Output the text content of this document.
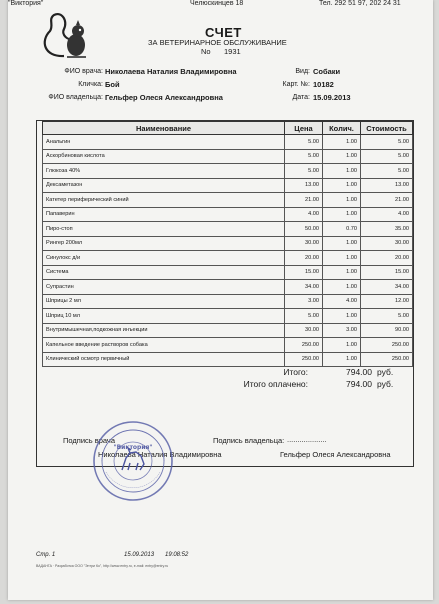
"Виктория"	Челюскинцев 18	Тел. 292 51 97, 202 24 31
СЧЕТ
ЗА ВЕТЕРИНАРНОЕ ОБСЛУЖИВАНИЕ
No 1931
ФИО врача: Николаева Наталия Владимировна	Вид: Собаки
Кличка: Бой	Карт. №: 10182
ФИО владельца: Гельфер Олеся Александровна	Дата: 15.09.2013
Наименование	Цена	Колич.	Стоимость
Анальгин	5.00	1.00	5.00
Аскорбиновая кислота	5.00	1.00	5.00
Глюкоза 40%	5.00	1.00	5.00
Дексаметазон	13.00	1.00	13.00
Катетер периферический синий	21.00	1.00	21.00
Папаверин	4.00	1.00	4.00
Пиро-стоп	50.00	0.70	35.00
Рингер 200мл	30.00	1.00	30.00
Синулокс д/и	20.00	1.00	20.00
Система	15.00	1.00	15.00
Супрастин	34.00	1.00	34.00
Шприцы 2 мл	3.00	4.00	12.00
Шприц 10 мл	5.00	1.00	5.00
Внутримышечная,подкожная инъекции	30.00	3.00	90.00
Капельное введение растворов собака	250.00	1.00	250.00
Клинический осмотр первичный	250.00	1.00	250.00
Итого:	794.00 руб.
Итого оплачено:	794.00 руб.
Подпись врача	Подпись владельца: ...................
Николаева Наталия Владимировна	Гельфер Олеся Александровна
"Виктория"
Стр. 1	15.09.2013 19:08:52
ВАДАНГА · Разработка ООО "Энтри Ко", http://www.entry.ru, e-mail: entry@entry.ru
